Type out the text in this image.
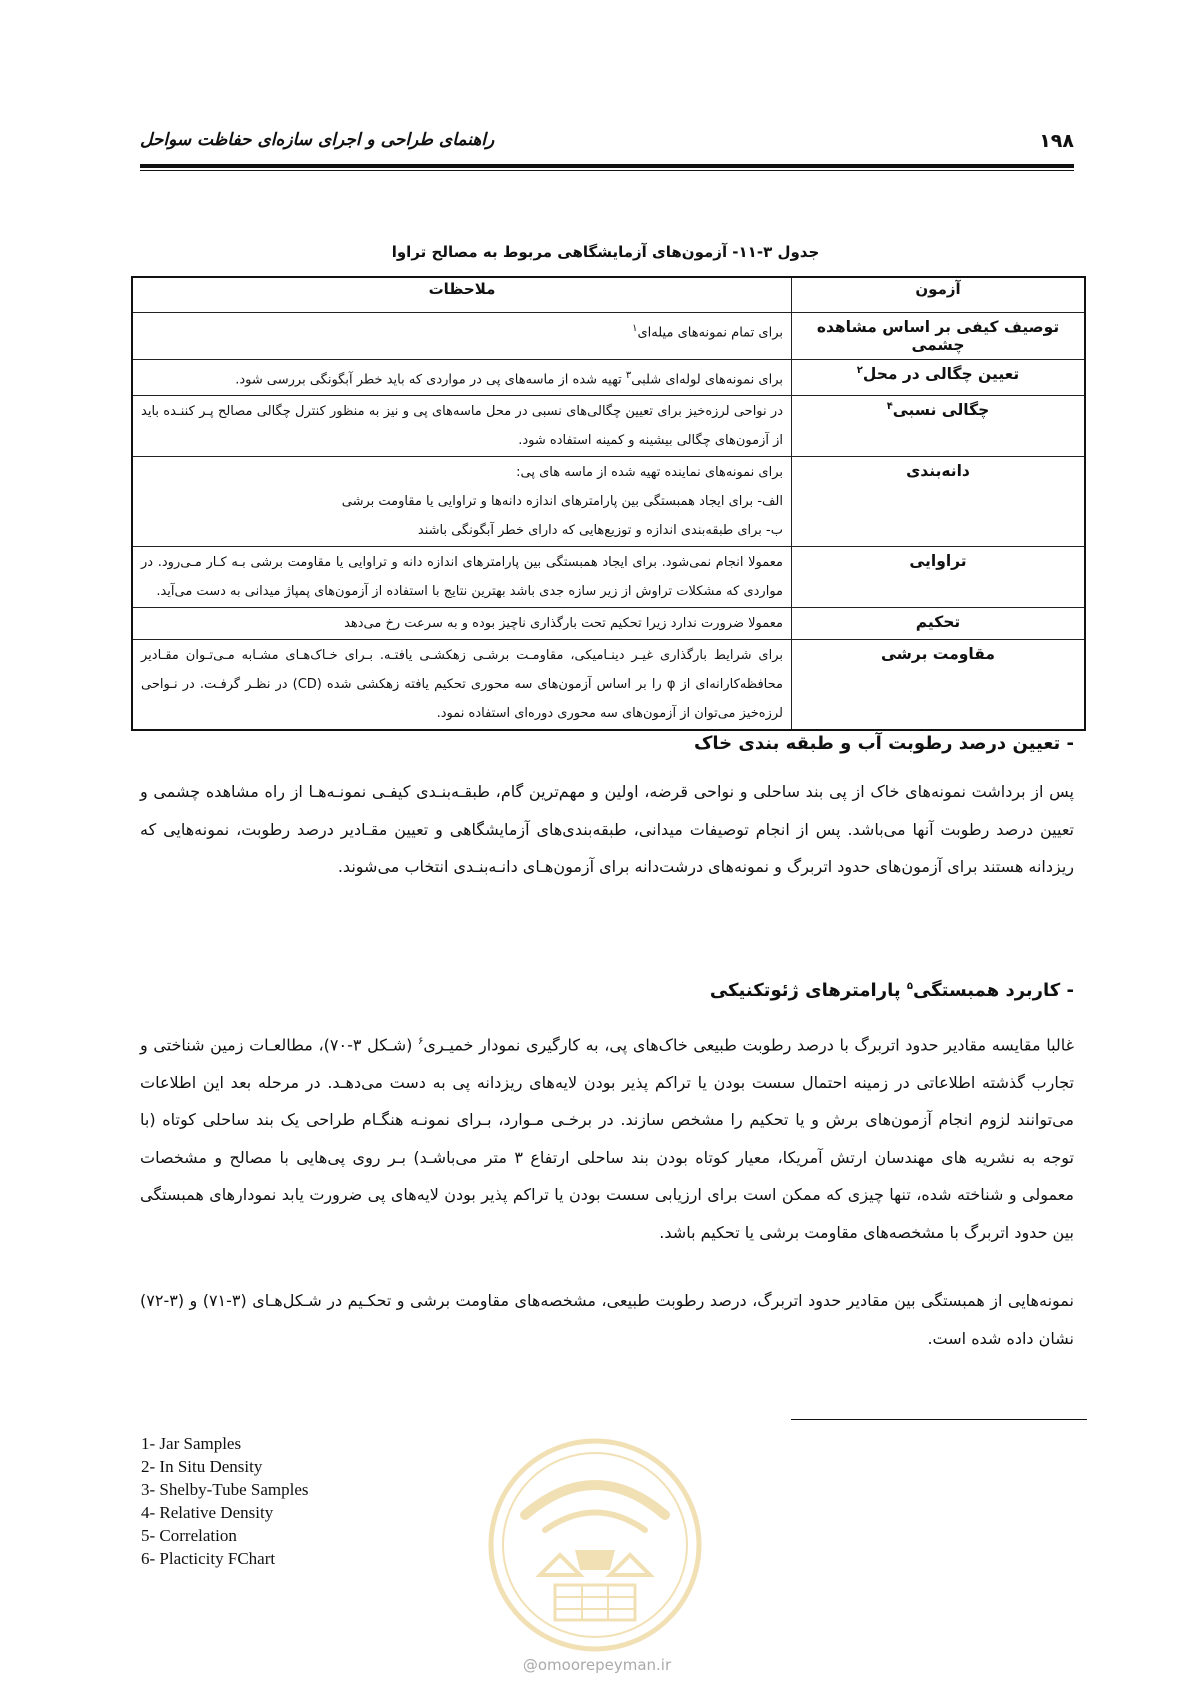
۱۹۸
راهنمای طراحی و اجرای سازه‌ای حفاظت سواحل
جدول ۳-۱۱- آزمون‌های آزمایشگاهی مربوط به مصالح تراوا
آزمون	ملاحظات
توصیف کیفی بر اساس مشاهده چشمی	برای تمام نمونه‌های میله‌ای$^۱$
تعیین چگالی در محل$^۲$	برای نمونه‌های لوله‌ای شلبی$^۳$ تهیه شده از ماسه‌های پی در مواردی که باید خطر آبگونگی بررسی شود.
چگالی نسبی$^۴$	در نواحی لرزه‌خیز برای تعیین چگالی‌های نسبی در محل ماسه‌های پی و نیز به منظور کنترل چگالی مصالح پـر کننـده باید از آزمون‌های چگالی بیشینه و کمینه استفاده شود.
دانه‌بندی	برای نمونه‌های نماینده تهیه شده از ماسه های پی:
الف- برای ایجاد همبستگی بین پارامترهای اندازه دانه‌ها و تراوایی یا مقاومت برشی
ب- برای طبقه‌بندی اندازه و توزیع‌هایی که دارای خطر آبگونگی باشند

تراوایی	معمولا انجام نمی‌شود. برای ایجاد همبستگی بین پارامترهای اندازه دانه و تراوایی یا مقاومت برشی بـه کـار مـی‌رود. در مواردی که مشکلات تراوش از زیر سازه جدی باشد بهترین نتایج با استفاده از آزمون‌های پمپاژ میدانی به دست می‌آید.
تحکیم	معمولا ضرورت ندارد زیرا تحکیم تحت بارگذاری ناچیز بوده و به سرعت رخ می‌دهد
مقاومت برشی	برای شرایط بارگذاری غیـر دینـامیکی، مقاومـت برشـی زهکشـی یافتـه. بـرای خـاک‌هـای مشـابه مـی‌تـوان مقـادیر محافظه‌کارانه‌ای از φ را بر اساس آزمون‌های سه محوری تحکیم یافته زهکشی شده (CD) در نظـر گرفـت. در نـواحی لرزه‌خیز می‌توان از آزمون‌های سه محوری دوره‌ای استفاده نمود.
- تعیین درصد رطوبت آب و طبقه بندی خاک
پس از برداشت نمونه‌های خاک از پی بند ساحلی و نواحی قرضه، اولین و مهم‌ترین گام، طبقـه‌بنـدی کیفـی نمونـه‌هـا از راه مشاهده چشمی و تعیین درصد رطوبت آنها می‌باشد. پس از انجام توصیفات میدانی، طبقه‌بندی‌های آزمایشگاهی و تعیین مقـادیر درصد رطوبت، نمونه‌هایی که ریزدانه هستند برای آزمون‌های حدود اتربرگ و نمونه‌های درشت‌دانه برای آزمون‌هـای دانـه‌بنـدی انتخاب می‌شوند.
- کاربرد همبستگی$^۵$ پارامترهای ژئوتکنیکی
غالبا مقایسه مقادیر حدود اتربرگ با درصد رطوبت طبیعی خاک‌های پی، به کارگیری نمودار خمیـری$^۶$ (شـکل ۳-۷۰)، مطالعـات زمین شناختی و تجارب گذشته اطلاعاتی در زمینه احتمال سست بودن یا تراکم پذیر بودن لایه‌های ریزدانه پی به دست می‌دهـد. در مرحله بعد این اطلاعات می‌توانند لزوم انجام آزمون‌های برش و یا تحکیم را مشخص سازند. در برخـی مـوارد، بـرای نمونـه هنگـام طراحی یک بند ساحلی کوتاه (با توجه به نشریه های مهندسان ارتش آمریکا، معیار کوتاه بودن بند ساحلی ارتفاع ۳ متر می‌باشـد) بـر روی پی‌هایی با مصالح و مشخصات معمولی و شناخته شده، تنها چیزی که ممکن است برای ارزیابی سست بودن یا تراکم پذیر بودن لایه‌های پی ضرورت یابد نمودارهای همبستگی بین حدود اتربرگ با مشخصه‌های مقاومت برشی یا تحکیم باشد.
نمونه‌هایی از همبستگی بین مقادیر حدود اتربرگ، درصد رطوبت طبیعی، مشخصه‌های مقاومت برشی و تحکـیم در شـکل‌هـای (۳-۷۱) و (۳-۷۲) نشان داده شده است.
1- Jar Samples
2- In Situ Density
3- Shelby-Tube Samples
4- Relative Density
5- Correlation
6- Placticity FChart
@omoorepeyman.ir
